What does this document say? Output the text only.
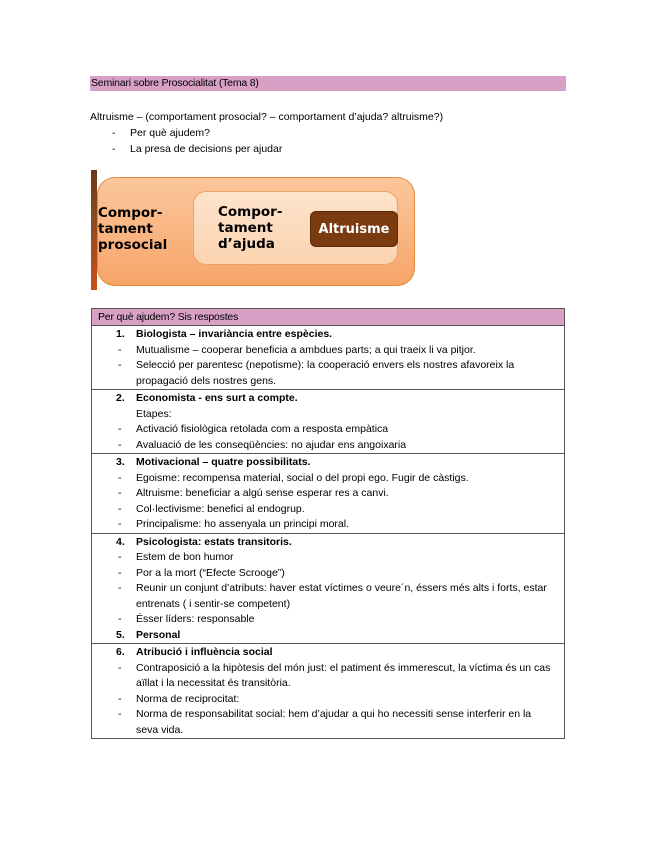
Seminari sobre Prosocialitat (Tema 8)
Altruisme – (comportament prosocial? – comportament d’ajuda? altruisme?)
- Per què ajudem?
- La presa de decisions per ajudar
Compor-
tament
prosocial
Compor-
tament
d’ajuda
Altruisme
Per què ajudem? Sis respostes
1. Biologista – invariància entre espècies.
- Mutualisme – cooperar beneficia a ambdues parts; a qui traeix li va pitjor.
- Selecció per parentesc (nepotisme): la cooperació envers els nostres afavoreix la propagació dels nostres gens.
2. Economista - ens surt a compte.
Etapes:
- Activació fisiològica retolada com a resposta empàtica
- Avaluació de les conseqüències: no ajudar ens angoixaria
3. Motivacional – quatre possibilitats.
- Egoisme: recompensa material, social o del propi ego. Fugir de càstigs.
- Altruisme: beneficiar a algú sense esperar res a canvi.
- Col·lectivisme: benefici al endogrup.
- Principalisme: ho assenyala un principi moral.
4. Psicologista: estats transitoris.
- Estem de bon humor
- Por a la mort (“Efecte Scrooge”)
- Reunir un conjunt d’atributs: haver estat víctimes o veure´n, éssers més alts i forts, estar entrenats ( i sentir-se competent)
- Ésser líders: responsable
5. Personal
6. Atribució i influència social
- Contraposició a la hipòtesis del món just: el patiment és immerescut, la víctima és un cas aïllat i la necessitat és transitòria.
- Norma de reciprocitat:
- Norma de responsabilitat social: hem d’ajudar a qui ho necessiti sense interferir en la seva vida.
